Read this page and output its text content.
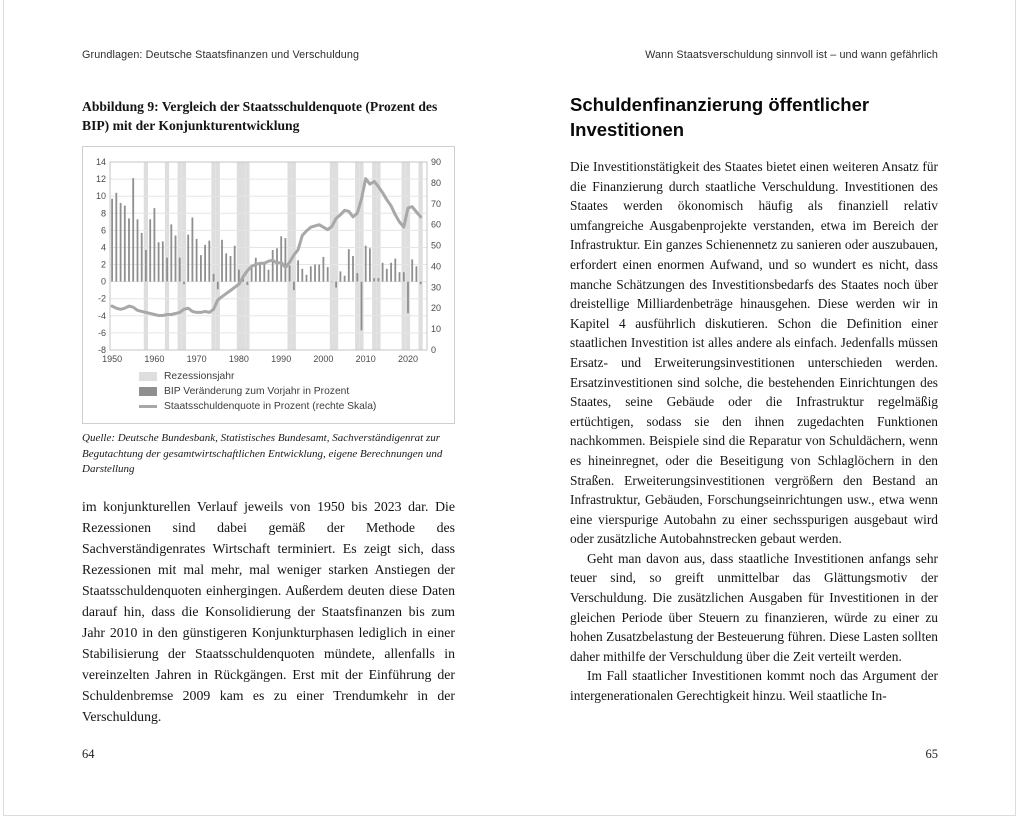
Grundlagen: Deutsche Staatsfinanzen und Verschuldung
Abbildung 9: Vergleich der Staatsschuldenquote (Prozent des BIP) mit der Konjunkturentwicklung
14
12
10
8
6
4
2
0
-2
-4
-6
-8
90
80
70
60
50
40
30
20
10
0
1950 1960 1970 1980 1990 2000 2010 2020
Rezessionsjahr
BIP Veränderung zum Vorjahr in Prozent
Staatsschuldenquote in Prozent (rechte Skala)
Quelle: Deutsche Bundesbank, Statistisches Bundesamt, Sachverständigenrat zur Begutachtung der gesamtwirtschaftlichen Entwicklung, eigene Berechnungen und Darstellung

im konjunkturellen Verlauf jeweils von 1950 bis 2023 dar. Die Rezessionen sind dabei gemäß der Methode des Sachverständigenrates Wirtschaft terminiert. Es zeigt sich, dass Rezessionen mit mal mehr, mal weniger starken Anstiegen der Staatsschuldenquoten einhergingen. Außerdem deuten diese Daten darauf hin, dass die Konsolidierung der Staatsfinanzen bis zum Jahr 2010 in den günstigeren Konjunkturphasen lediglich in einer Stabilisierung der Staatsschuldenquoten mündete, allenfalls in vereinzelten Jahren in Rückgängen. Erst mit der Einführung der Schuldenbremse 2009 kam es zu einer Trendumkehr in der Verschuldung.

64
Wann Staatsverschuldung sinnvoll ist – und wann gefährlich
Schuldenfinanzierung öffentlicher Investitionen

Die Investitionstätigkeit des Staates bietet einen weiteren Ansatz für die Finanzierung durch staatliche Verschuldung. Investitionen des Staates werden ökonomisch häufig als finanziell relativ umfangreiche Ausgabenprojekte verstanden, etwa im Bereich der Infrastruktur. Ein ganzes Schienennetz zu sanieren oder auszubauen, erfordert einen enormen Aufwand, und so wundert es nicht, dass manche Schätzungen des Investitionsbedarfs des Staates noch über dreistellige Milliardenbeträge hinausgehen. Diese werden wir in Kapitel 4 ausführlich diskutieren. Schon die Definition einer staatlichen Investition ist alles andere als einfach. Jedenfalls müssen Ersatz- und Erweiterungsinvestitionen unterschieden werden. Ersatzinvestitionen sind solche, die bestehenden Einrichtungen des Staates, seine Gebäude oder die Infrastruktur regelmäßig ertüchtigen, sodass sie den ihnen zugedachten Funktionen nachkommen. Beispiele sind die Reparatur von Schuldächern, wenn es hineinregnet, oder die Beseitigung von Schlaglöchern in den Straßen. Erweiterungsinvestitionen vergrößern den Bestand an Infrastruktur, Gebäuden, Forschungseinrichtungen usw., etwa wenn eine vierspurige Autobahn zu einer sechsspurigen ausgebaut wird oder zusätzliche Autobahnstrecken gebaut werden.

Geht man davon aus, dass staatliche Investitionen anfangs sehr teuer sind, so greift unmittelbar das Glättungsmotiv der Verschuldung. Die zusätzlichen Ausgaben für Investitionen in der gleichen Periode über Steuern zu finanzieren, würde zu einer zu hohen Zusatzbelastung der Besteuerung führen. Diese Lasten sollten daher mithilfe der Verschuldung über die Zeit verteilt werden.

Im Fall staatlicher Investitionen kommt noch das Argument der intergenerationalen Gerechtigkeit hinzu. Weil staatliche In-

65
